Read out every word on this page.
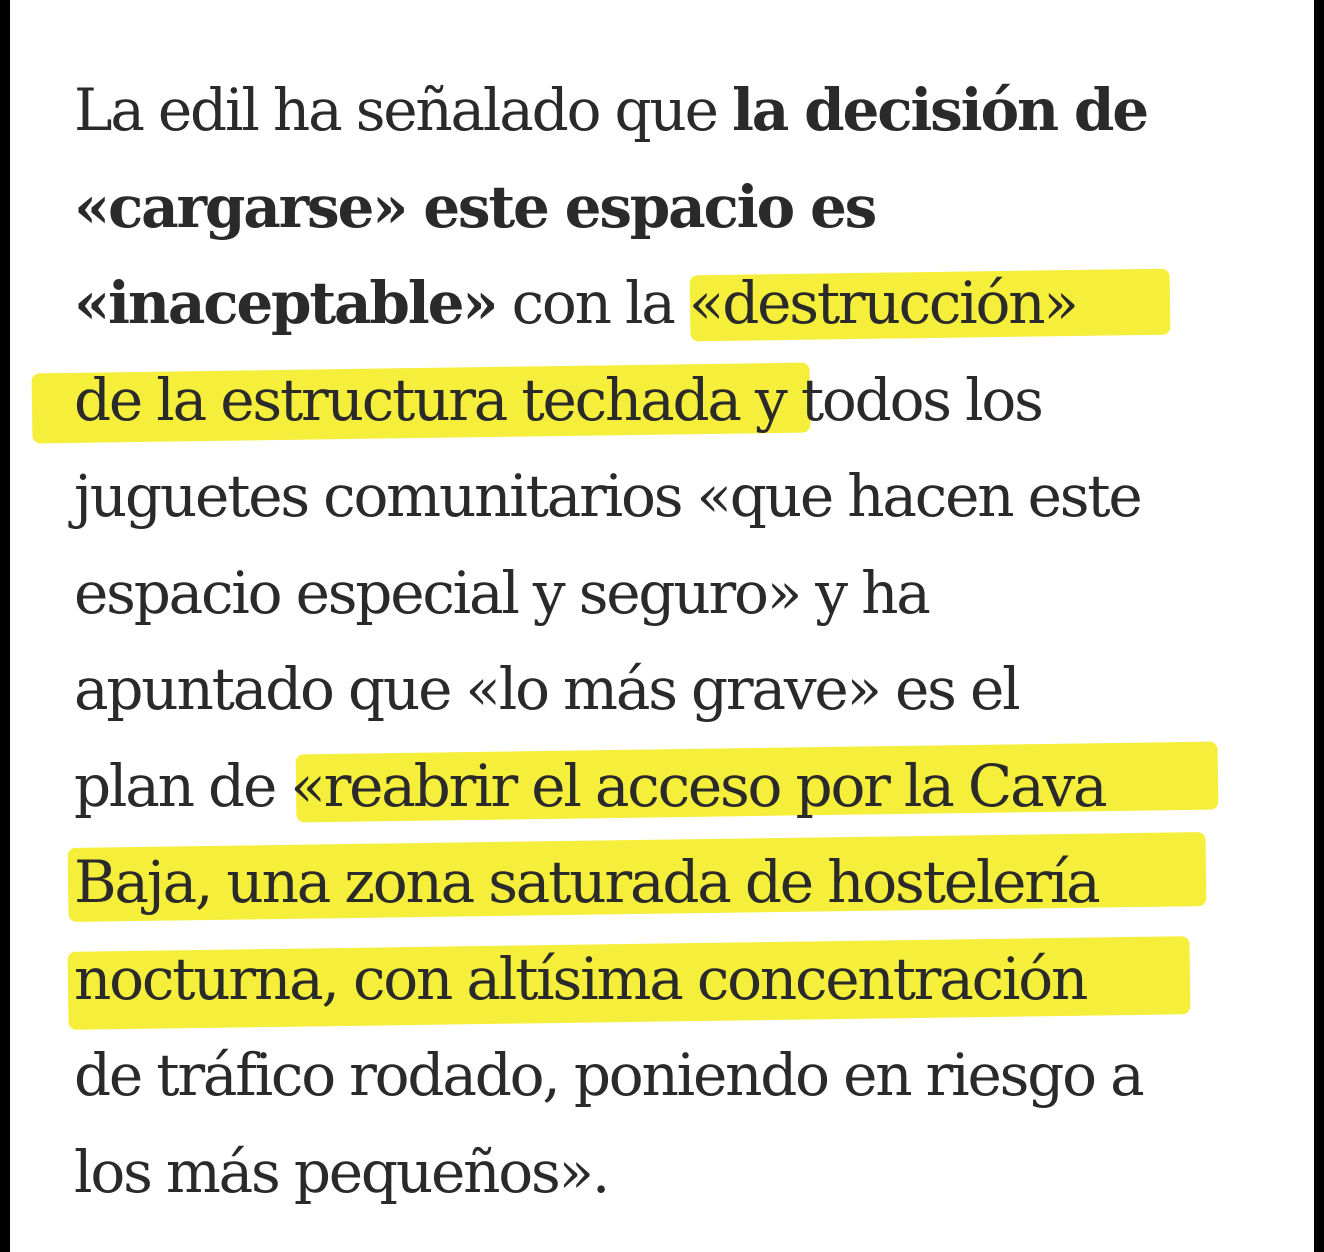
La edil ha señalado que la decisión de
«cargarse» este espacio es
«inaceptable» con la «destrucción»
de la estructura techada y todos los
juguetes comunitarios «que hacen este
espacio especial y seguro» y ha
apuntado que «lo más grave» es el
plan de «reabrir el acceso por la Cava
Baja, una zona saturada de hostelería
nocturna, con altísima concentración
de tráfico rodado, poniendo en riesgo a
los más pequeños».
